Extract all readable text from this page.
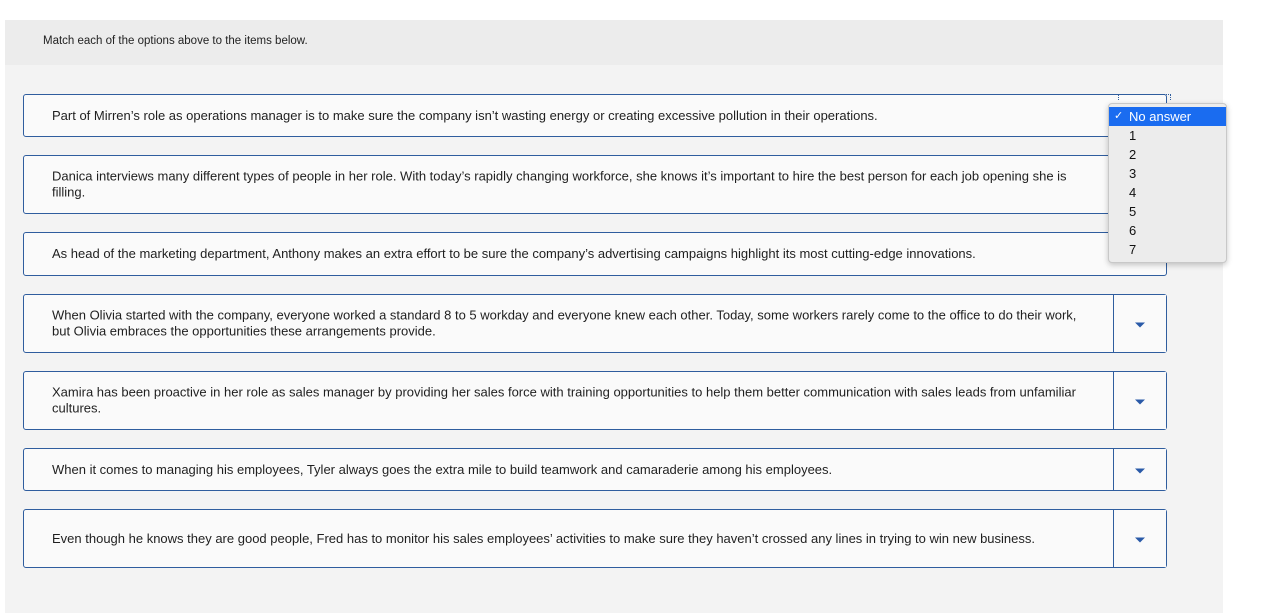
Match each of the options above to the items below.
Part of Mirren’s role as operations manager is to make sure the company isn’t wasting energy or creating excessive pollution in their operations.
Danica interviews many different types of people in her role. With today’s rapidly changing workforce, she knows it’s important to hire the best person for each job opening she is filling.
As head of the marketing department, Anthony makes an extra effort to be sure the company’s advertising campaigns highlight its most cutting-edge innovations.
When Olivia started with the company, everyone worked a standard 8 to 5 workday and everyone knew each other. Today, some workers rarely come to the office to do their work, but Olivia embraces the opportunities these arrangements provide.
Xamira has been proactive in her role as sales manager by providing her sales force with training opportunities to help them better communication with sales leads from unfamiliar cultures.
When it comes to managing his employees, Tyler always goes the extra mile to build teamwork and camaraderie among his employees.
Even though he knows they are good people, Fred has to monitor his sales employees’ activities to make sure they haven’t crossed any lines in trying to win new business.
✓ No answer
1
2
3
4
5
6
7
